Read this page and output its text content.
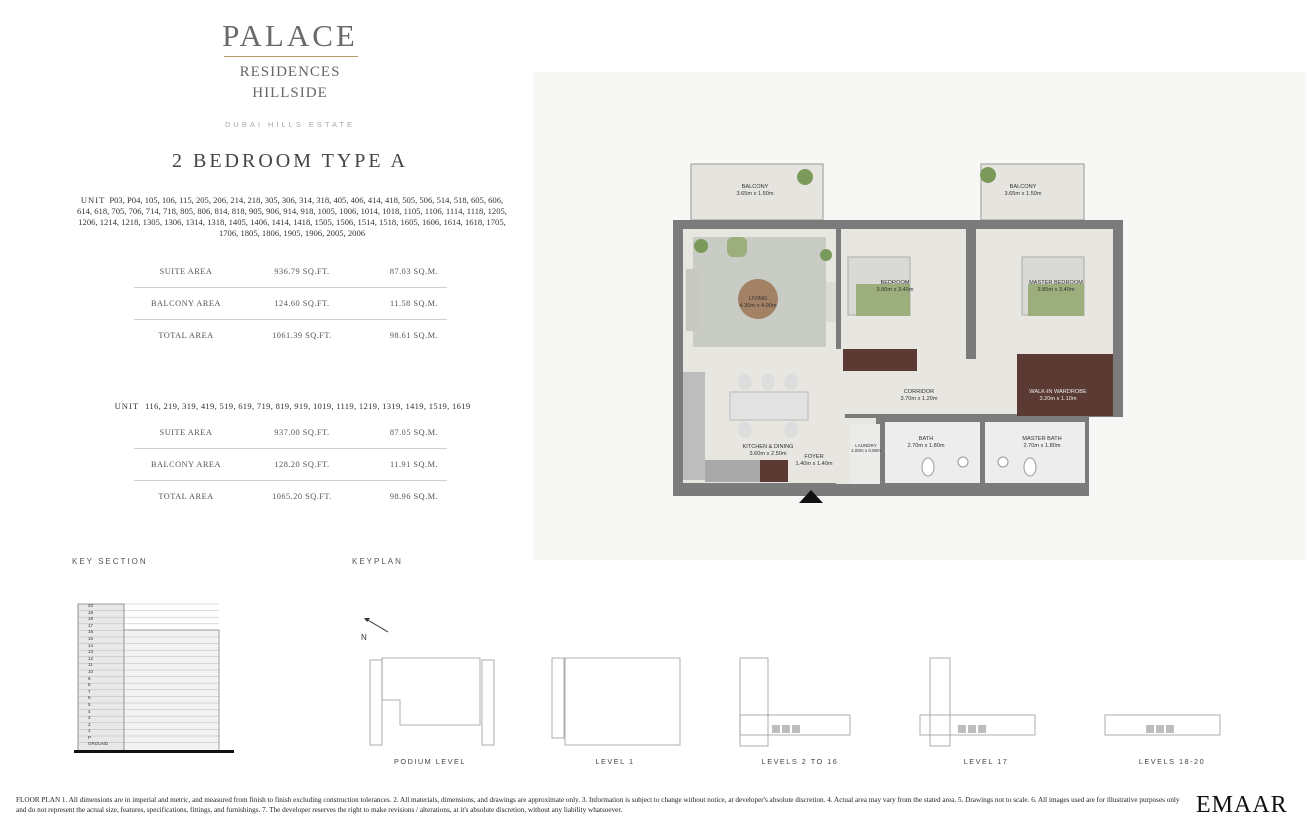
PALACE
RESIDENCES
HILLSIDE
DUBAI HILLS ESTATE
2 BEDROOM TYPE A
UNIT P03, P04, 105, 106, 115, 205, 206, 214, 218, 305, 306, 314, 318, 405, 406, 414, 418, 505, 506, 514, 518, 605, 606, 614, 618, 705, 706, 714, 718, 805, 806, 814, 818, 905, 906, 914, 918, 1005, 1006, 1014, 1018, 1105, 1106, 1114, 1118, 1205, 1206, 1214, 1218, 1305, 1306, 1314, 1318, 1405, 1406, 1414, 1418, 1505, 1506, 1514, 1518, 1605, 1606, 1614, 1618, 1705, 1706, 1805, 1806, 1905, 1906, 2005, 2006
SUITE AREA	936.79 SQ.FT.	87.03 SQ.M.
BALCONY AREA	124.60 SQ.FT.	11.58 SQ.M.
TOTAL AREA	1061.39 SQ.FT.	98.61 SQ.M.
UNIT 116, 219, 319, 419, 519, 619, 719, 819, 919, 1019, 1119, 1219, 1319, 1419, 1519, 1619
SUITE AREA	937.00 SQ.FT.	87.05 SQ.M.
BALCONY AREA	128.20 SQ.FT.	11.91 SQ.M.
TOTAL AREA	1065.20 SQ.FT.	98.96 SQ.M.
BALCONY
3.65m x 1.50m
BALCONY
3.65m x 1.50m
LIVING
4.30m x 4.00m
BEDROOM
3.90m x 3.40m
MASTER BEDROOM
3.85m x 3.40m
CORRIDOR
3.70m x 1.20m
WALK-IN WARDROBE
3.20m x 1.10m
KITCHEN & DINING
3.60m x 2.50m	FOYER
1.40m x 1.40m
LAUNDRY
1.00m x 0.90m
BATH
2.70m x 1.80m
MASTER BATH
2.70m x 1.80m
KEY SECTION
20
19
18
17
16
15
14
13
12
11
10
9
8
7
6
5
4
3
2
1
P
GROUND
KEYPLAN
N
PODIUM LEVEL	LEVEL 1	LEVELS 2 TO 16	LEVEL 17	LEVELS 18-20
FLOOR PLAN 1. All dimensions are in imperial and metric, and measured from finish to finish excluding construction tolerances. 2. All materials, dimensions, and drawings are approximate only. 3. Information is subject to change without notice, at developer's absolute discretion. 4. Actual area may vary from the stated area. 5. Drawings not to scale. 6. All images used are for illustrative purposes only and do not represent the actual size, features, specifications, fittings, and furnishings. 7. The developer reserves the right to make revisions / alterations, at it's absolute discretion, without any liability whatsoever.	EMAAR
